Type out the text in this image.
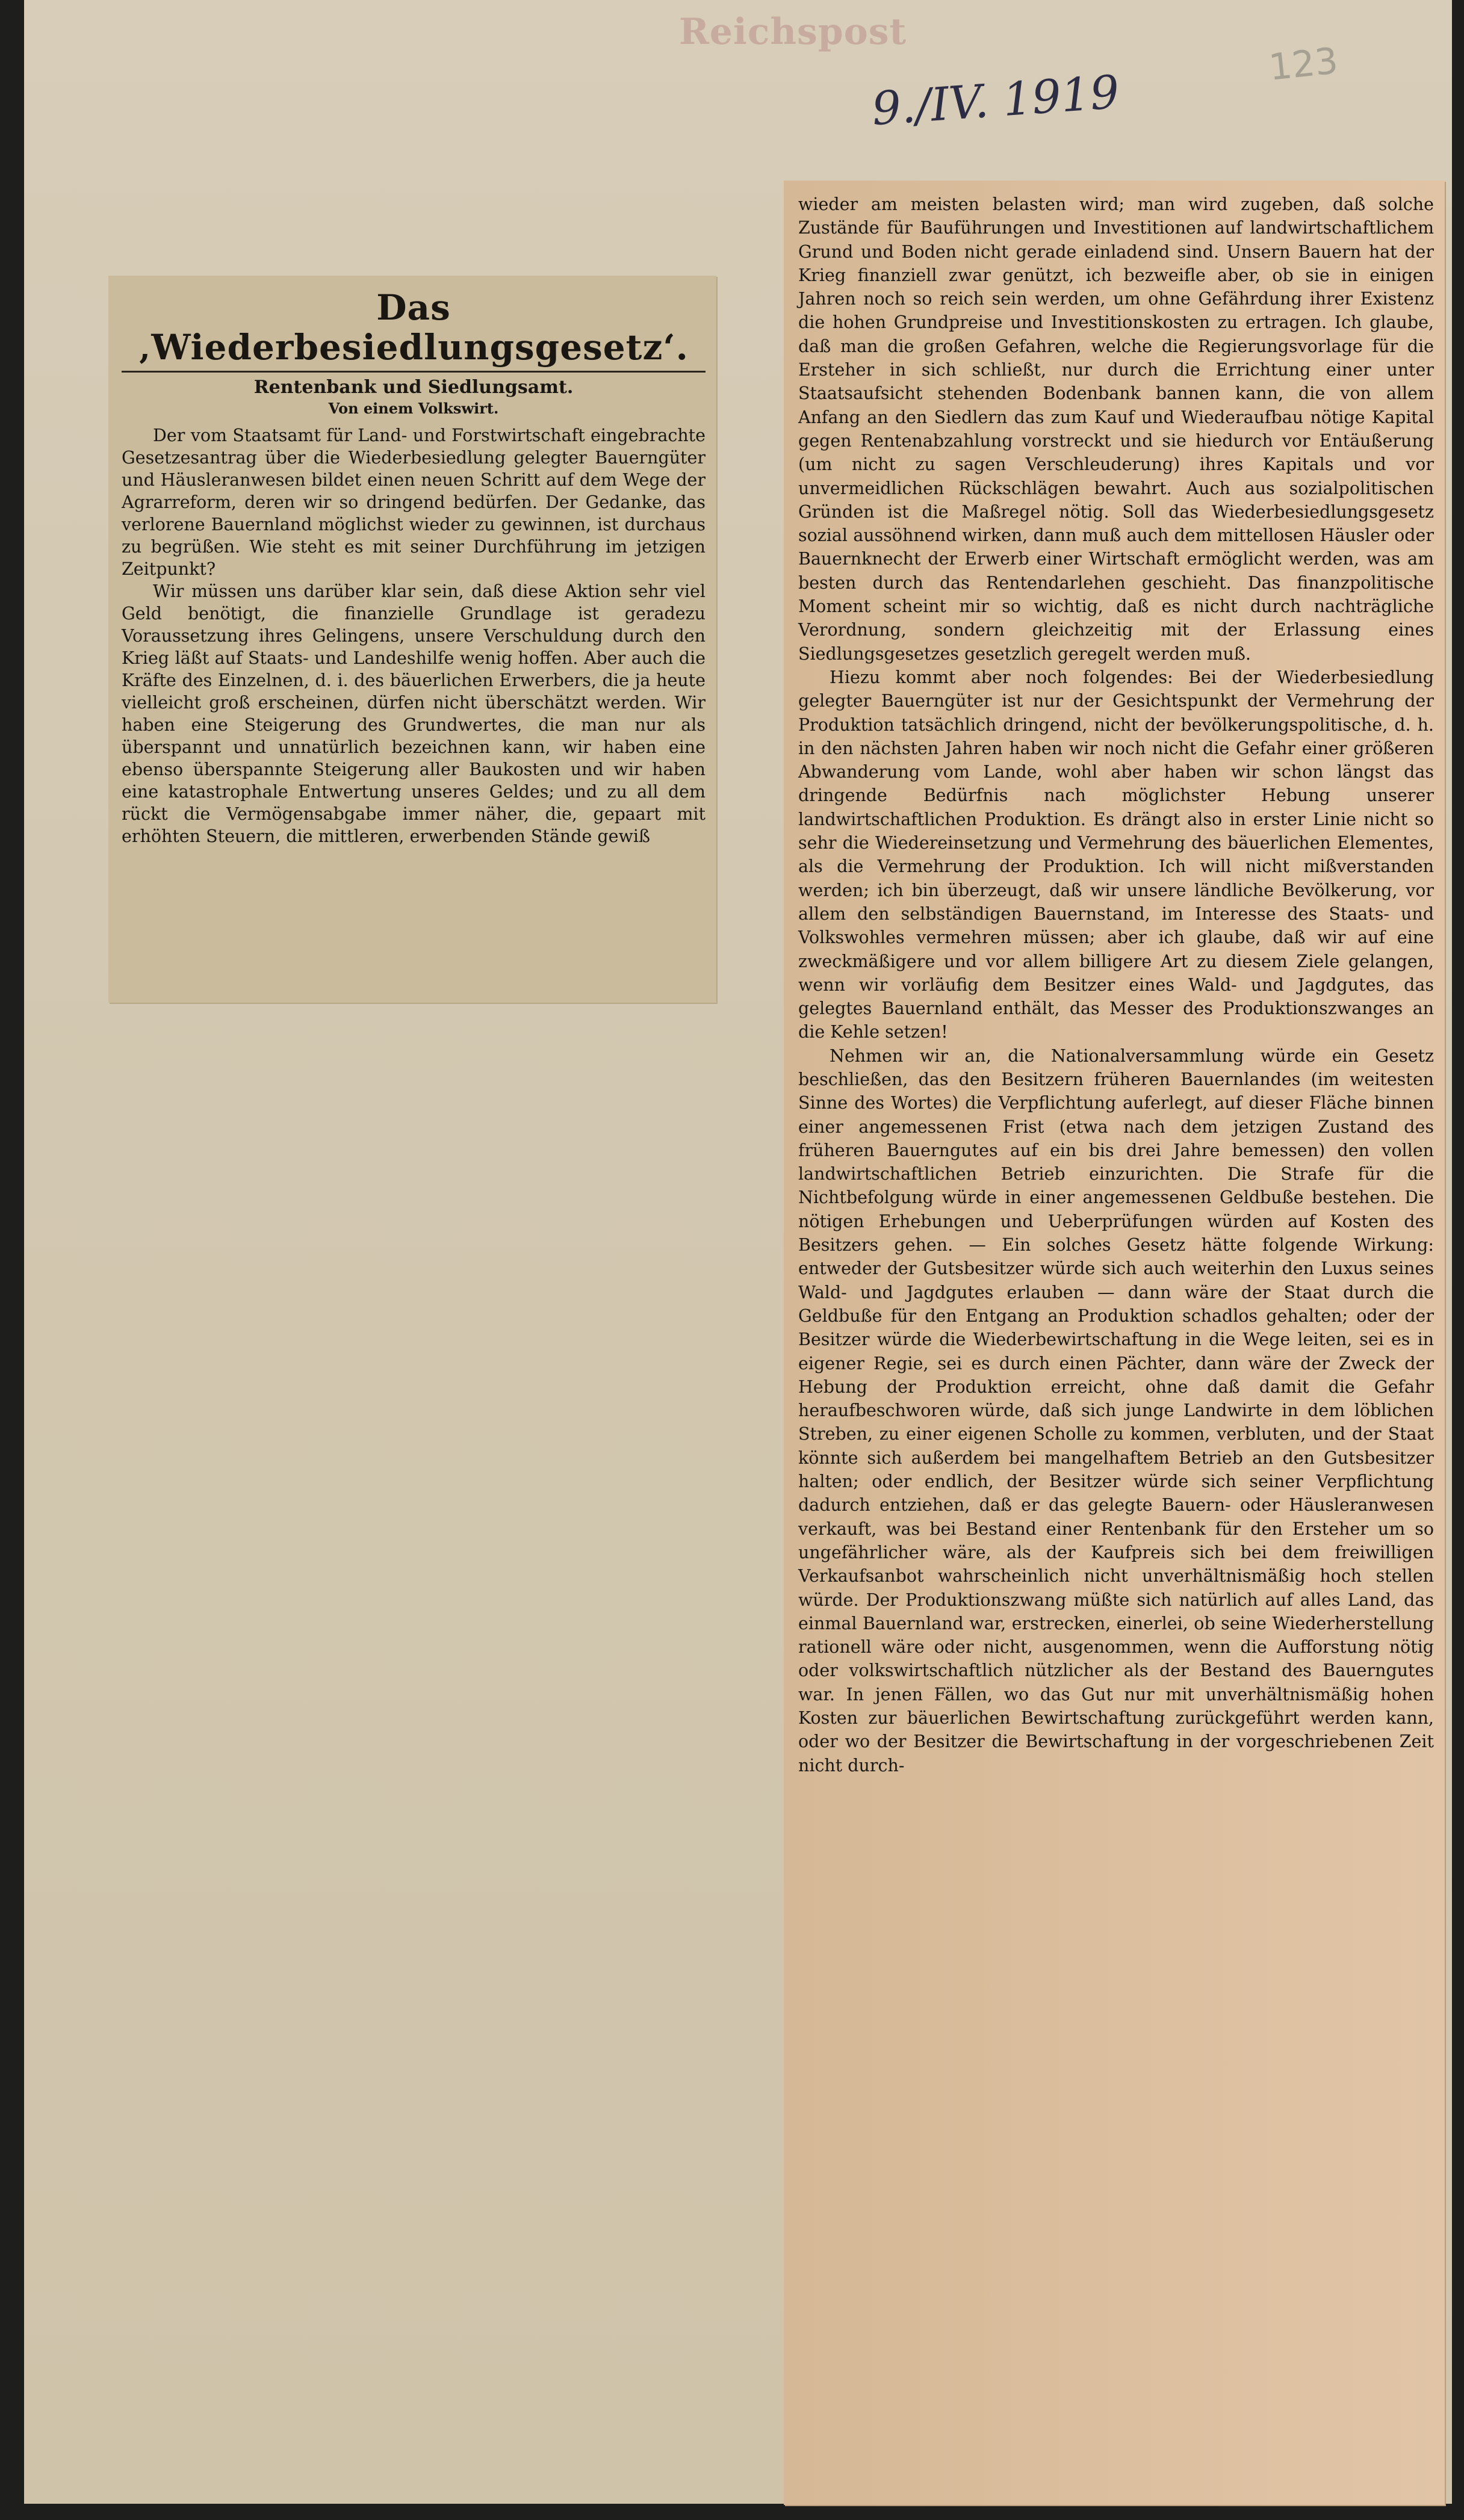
Reichspost
9./IV. 1919
123
Das ‚Wiederbesiedlungsgesetz‘.
Rentenbank und Siedlungsamt.
Von einem Volkswirt.

Der vom Staatsamt für Land- und Forstwirtschaft eingebrachte Gesetzesantrag über die Wiederbesiedlung gelegter Bauerngüter und Häusleranwesen bildet einen neuen Schritt auf dem Wege der Agrarreform, deren wir so dringend bedürfen. Der Gedanke, das verlorene Bauernland möglichst wieder zu gewinnen, ist durchaus zu begrüßen. Wie steht es mit seiner Durchführung im jetzigen Zeitpunkt?

Wir müssen uns darüber klar sein, daß diese Aktion sehr viel Geld benötigt, die finanzielle Grundlage ist geradezu Voraussetzung ihres Gelingens, unsere Verschuldung durch den Krieg läßt auf Staats- und Landeshilfe wenig hoffen. Aber auch die Kräfte des Einzelnen, d. i. des bäuerlichen Erwerbers, die ja heute vielleicht groß erscheinen, dürfen nicht überschätzt werden. Wir haben eine Steigerung des Grundwertes, die man nur als überspannt und unnatürlich bezeichnen kann, wir haben eine ebenso überspannte Steigerung aller Baukosten und wir haben eine katastrophale Entwertung unseres Geldes; und zu all dem rückt die Vermögensabgabe immer näher, die, gepaart mit erhöhten Steuern, die mittleren, erwerbenden Stände gewiß

wieder am meisten belasten wird; man wird zugeben, daß solche Zustände für Bauführungen und Investitionen auf landwirtschaftlichem Grund und Boden nicht gerade einladend sind. Unsern Bauern hat der Krieg finanziell zwar genützt, ich bezweifle aber, ob sie in einigen Jahren noch so reich sein werden, um ohne Gefährdung ihrer Existenz die hohen Grundpreise und Investitionskosten zu ertragen. Ich glaube, daß man die großen Gefahren, welche die Regierungsvorlage für die Ersteher in sich schließt, nur durch die Errichtung einer unter Staatsaufsicht stehenden Bodenbank bannen kann, die von allem Anfang an den Siedlern das zum Kauf und Wiederaufbau nötige Kapital gegen Rentenabzahlung vorstreckt und sie hiedurch vor Entäußerung (um nicht zu sagen Verschleuderung) ihres Kapitals und vor unvermeidlichen Rückschlägen bewahrt. Auch aus sozialpolitischen Gründen ist die Maßregel nötig. Soll das Wiederbesiedlungsgesetz sozial aussöhnend wirken, dann muß auch dem mittellosen Häusler oder Bauernknecht der Erwerb einer Wirtschaft ermöglicht werden, was am besten durch das Rentendarlehen geschieht. Das finanzpolitische Moment scheint mir so wichtig, daß es nicht durch nachträgliche Verordnung, sondern gleichzeitig mit der Erlassung eines Siedlungsgesetzes gesetzlich geregelt werden muß.

Hiezu kommt aber noch folgendes: Bei der Wiederbesiedlung gelegter Bauerngüter ist nur der Gesichtspunkt der Vermehrung der Produktion tatsächlich dringend, nicht der bevölkerungspolitische, d. h. in den nächsten Jahren haben wir noch nicht die Gefahr einer größeren Abwanderung vom Lande, wohl aber haben wir schon längst das dringende Bedürfnis nach möglichster Hebung unserer landwirtschaftlichen Produktion. Es drängt also in erster Linie nicht so sehr die Wiedereinsetzung und Vermehrung des bäuerlichen Elementes, als die Vermehrung der Produktion. Ich will nicht mißverstanden werden; ich bin überzeugt, daß wir unsere ländliche Bevölkerung, vor allem den selbständigen Bauernstand, im Interesse des Staats- und Volkswohles vermehren müssen; aber ich glaube, daß wir auf eine zweckmäßigere und vor allem billigere Art zu diesem Ziele gelangen, wenn wir vorläufig dem Besitzer eines Wald- und Jagdgutes, das gelegtes Bauernland enthält, das Messer des Produktionszwanges an die Kehle setzen!

Nehmen wir an, die Nationalversammlung würde ein Gesetz beschließen, das den Besitzern früheren Bauernlandes (im weitesten Sinne des Wortes) die Verpflichtung auferlegt, auf dieser Fläche binnen einer angemessenen Frist (etwa nach dem jetzigen Zustand des früheren Bauerngutes auf ein bis drei Jahre bemessen) den vollen landwirtschaftlichen Betrieb einzurichten. Die Strafe für die Nichtbefolgung würde in einer angemessenen Geldbuße bestehen. Die nötigen Erhebungen und Ueberprüfungen würden auf Kosten des Besitzers gehen. — Ein solches Gesetz hätte folgende Wirkung: entweder der Gutsbesitzer würde sich auch weiterhin den Luxus seines Wald- und Jagdgutes erlauben — dann wäre der Staat durch die Geldbuße für den Entgang an Produktion schadlos gehalten; oder der Besitzer würde die Wiederbewirtschaftung in die Wege leiten, sei es in eigener Regie, sei es durch einen Pächter, dann wäre der Zweck der Hebung der Produktion erreicht, ohne daß damit die Gefahr heraufbeschworen würde, daß sich junge Landwirte in dem löblichen Streben, zu einer eigenen Scholle zu kommen, verbluten, und der Staat könnte sich außerdem bei mangelhaftem Betrieb an den Gutsbesitzer halten; oder endlich, der Besitzer würde sich seiner Verpflichtung dadurch entziehen, daß er das gelegte Bauern- oder Häusleranwesen verkauft, was bei Bestand einer Rentenbank für den Ersteher um so ungefährlicher wäre, als der Kaufpreis sich bei dem freiwilligen Verkaufsanbot wahrscheinlich nicht unverhältnismäßig hoch stellen würde. Der Produktionszwang müßte sich natürlich auf alles Land, das einmal Bauernland war, erstrecken, einerlei, ob seine Wiederherstellung rationell wäre oder nicht, ausgenommen, wenn die Aufforstung nötig oder volkswirtschaftlich nützlicher als der Bestand des Bauerngutes war. In jenen Fällen, wo das Gut nur mit unverhältnismäßig hohen Kosten zur bäuerlichen Bewirtschaftung zurückgeführt werden kann, oder wo der Besitzer die Bewirtschaftung in der vorgeschriebenen Zeit nicht durch-
